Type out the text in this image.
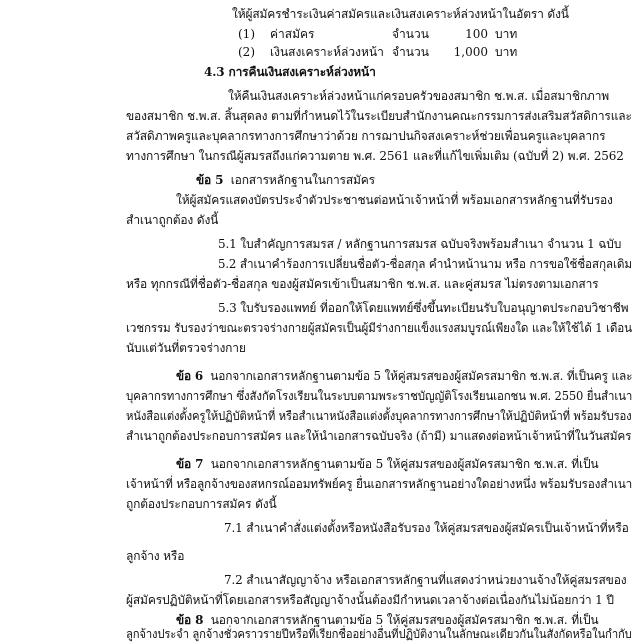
ให้ผู้สมัครชำระเงินค่าสมัครและเงินสงเคราะห์ล่วงหน้าในอัตรา ดังนี้
(1) ค่าสมัคร	จำนวน	100 บาท
(2) เงินสงเคราะห์ล่วงหน้า จำนวน	1,000 บาท
4.3 การคืนเงินสงเคราะห์ล่วงหน้า
ให้คืนเงินสงเคราะห์ล่วงหน้าแก่ครอบครัวของสมาชิก ช.พ.ส. เมื่อสมาชิกภาพ
ของสมาชิก ช.พ.ส. สิ้นสุดลง ตามที่กำหนดไว้ในระเบียบสำนักงานคณะกรรมการส่งเสริมสวัสดิการและ
สวัสดิภาพครูและบุคลากรทางการศึกษาว่าด้วย การฌาปนกิจสงเคราะห์ช่วยเพื่อนครูและบุคลากร
ทางการศึกษา ในกรณีผู้สมรสถึงแก่ความตาย พ.ศ. 2561 และที่แก้ไขเพิ่มเติม (ฉบับที่ 2) พ.ศ. 2562
ข้อ 5 เอกสารหลักฐานในการสมัคร
ให้ผู้สมัครแสดงบัตรประจำตัวประชาชนต่อหน้าเจ้าหน้าที่ พร้อมเอกสารหลักฐานที่รับรอง
สำเนาถูกต้อง ดังนี้
5.1 ใบสำคัญการสมรส / หลักฐานการสมรส ฉบับจริงพร้อมสำเนา จำนวน 1 ฉบับ
5.2 สำเนาคำร้องการเปลี่ยนชื่อตัว-ชื่อสกุล คำนำหน้านาม หรือ การขอใช้ชื่อสกุลเดิม
หรือ ทุกกรณีที่ชื่อตัว-ชื่อสกุล ของผู้สมัครเข้าเป็นสมาชิก ช.พ.ส. และคู่สมรส ไม่ตรงตามเอกสาร
5.3 ใบรับรองแพทย์ ที่ออกให้โดยแพทย์ซึ่งขึ้นทะเบียนรับใบอนุญาตประกอบวิชาชีพ
เวชกรรม รับรองว่าขณะตรวจร่างกายผู้สมัครเป็นผู้มีร่างกายแข็งแรงสมบูรณ์เพียงใด และให้ใช้ได้ 1 เดือน
นับแต่วันที่ตรวจร่างกาย
ข้อ 6 นอกจากเอกสารหลักฐานตามข้อ 5 ให้คู่สมรสของผู้สมัครสมาชิก ช.พ.ส. ที่เป็นครู และ
บุคลากรทางการศึกษา ซึ่งสังกัดโรงเรียนในระบบตามพระราชบัญญัติโรงเรียนเอกชน พ.ศ. 2550 ยื่นสำเนา
หนังสือแต่งตั้งครูให้ปฏิบัติหน้าที่ หรือสำเนาหนังสือแต่งตั้งบุคลากรทางการศึกษาให้ปฏิบัติหน้าที่ พร้อมรับรอง
สำเนาถูกต้องประกอบการสมัคร และให้นำเอกสารฉบับจริง (ถ้ามี) มาแสดงต่อหน้าเจ้าหน้าที่ในวันสมัคร
ข้อ 7 นอกจากเอกสารหลักฐานตามข้อ 5 ให้คู่สมรสของผู้สมัครสมาชิก ช.พ.ส. ที่เป็น
เจ้าหน้าที่ หรือลูกจ้างของสหกรณ์ออมทรัพย์ครู ยื่นเอกสารหลักฐานอย่างใดอย่างหนึ่ง พร้อมรับรองสำเนา
ถูกต้องประกอบการสมัคร ดังนี้
7.1 สำเนาคำสั่งแต่งตั้งหรือหนังสือรับรอง ให้คู่สมรสของผู้สมัครเป็นเจ้าหน้าที่หรือ
ลูกจ้าง หรือ
7.2 สำเนาสัญญาจ้าง หรือเอกสารหลักฐานที่แสดงว่าหน่วยงานจ้างให้คู่สมรสของ
ผู้สมัครปฏิบัติหน้าที่โดยเอกสารหรือสัญญาจ้างนั้นต้องมีกำหนดเวลาจ้างต่อเนื่องกันไม่น้อยกว่า 1 ปี
ข้อ 8 นอกจากเอกสารหลักฐานตามข้อ 5 ให้คู่สมรสของผู้สมัครสมาชิก ช.พ.ส. ที่เป็น
ลูกจ้างประจำ ลูกจ้างชั่วคราวรายปีหรือที่เรียกชื่ออย่างอื่นที่ปฏิบัติงานในลักษณะเดียวกันในสังกัดหรือในกำกับ
